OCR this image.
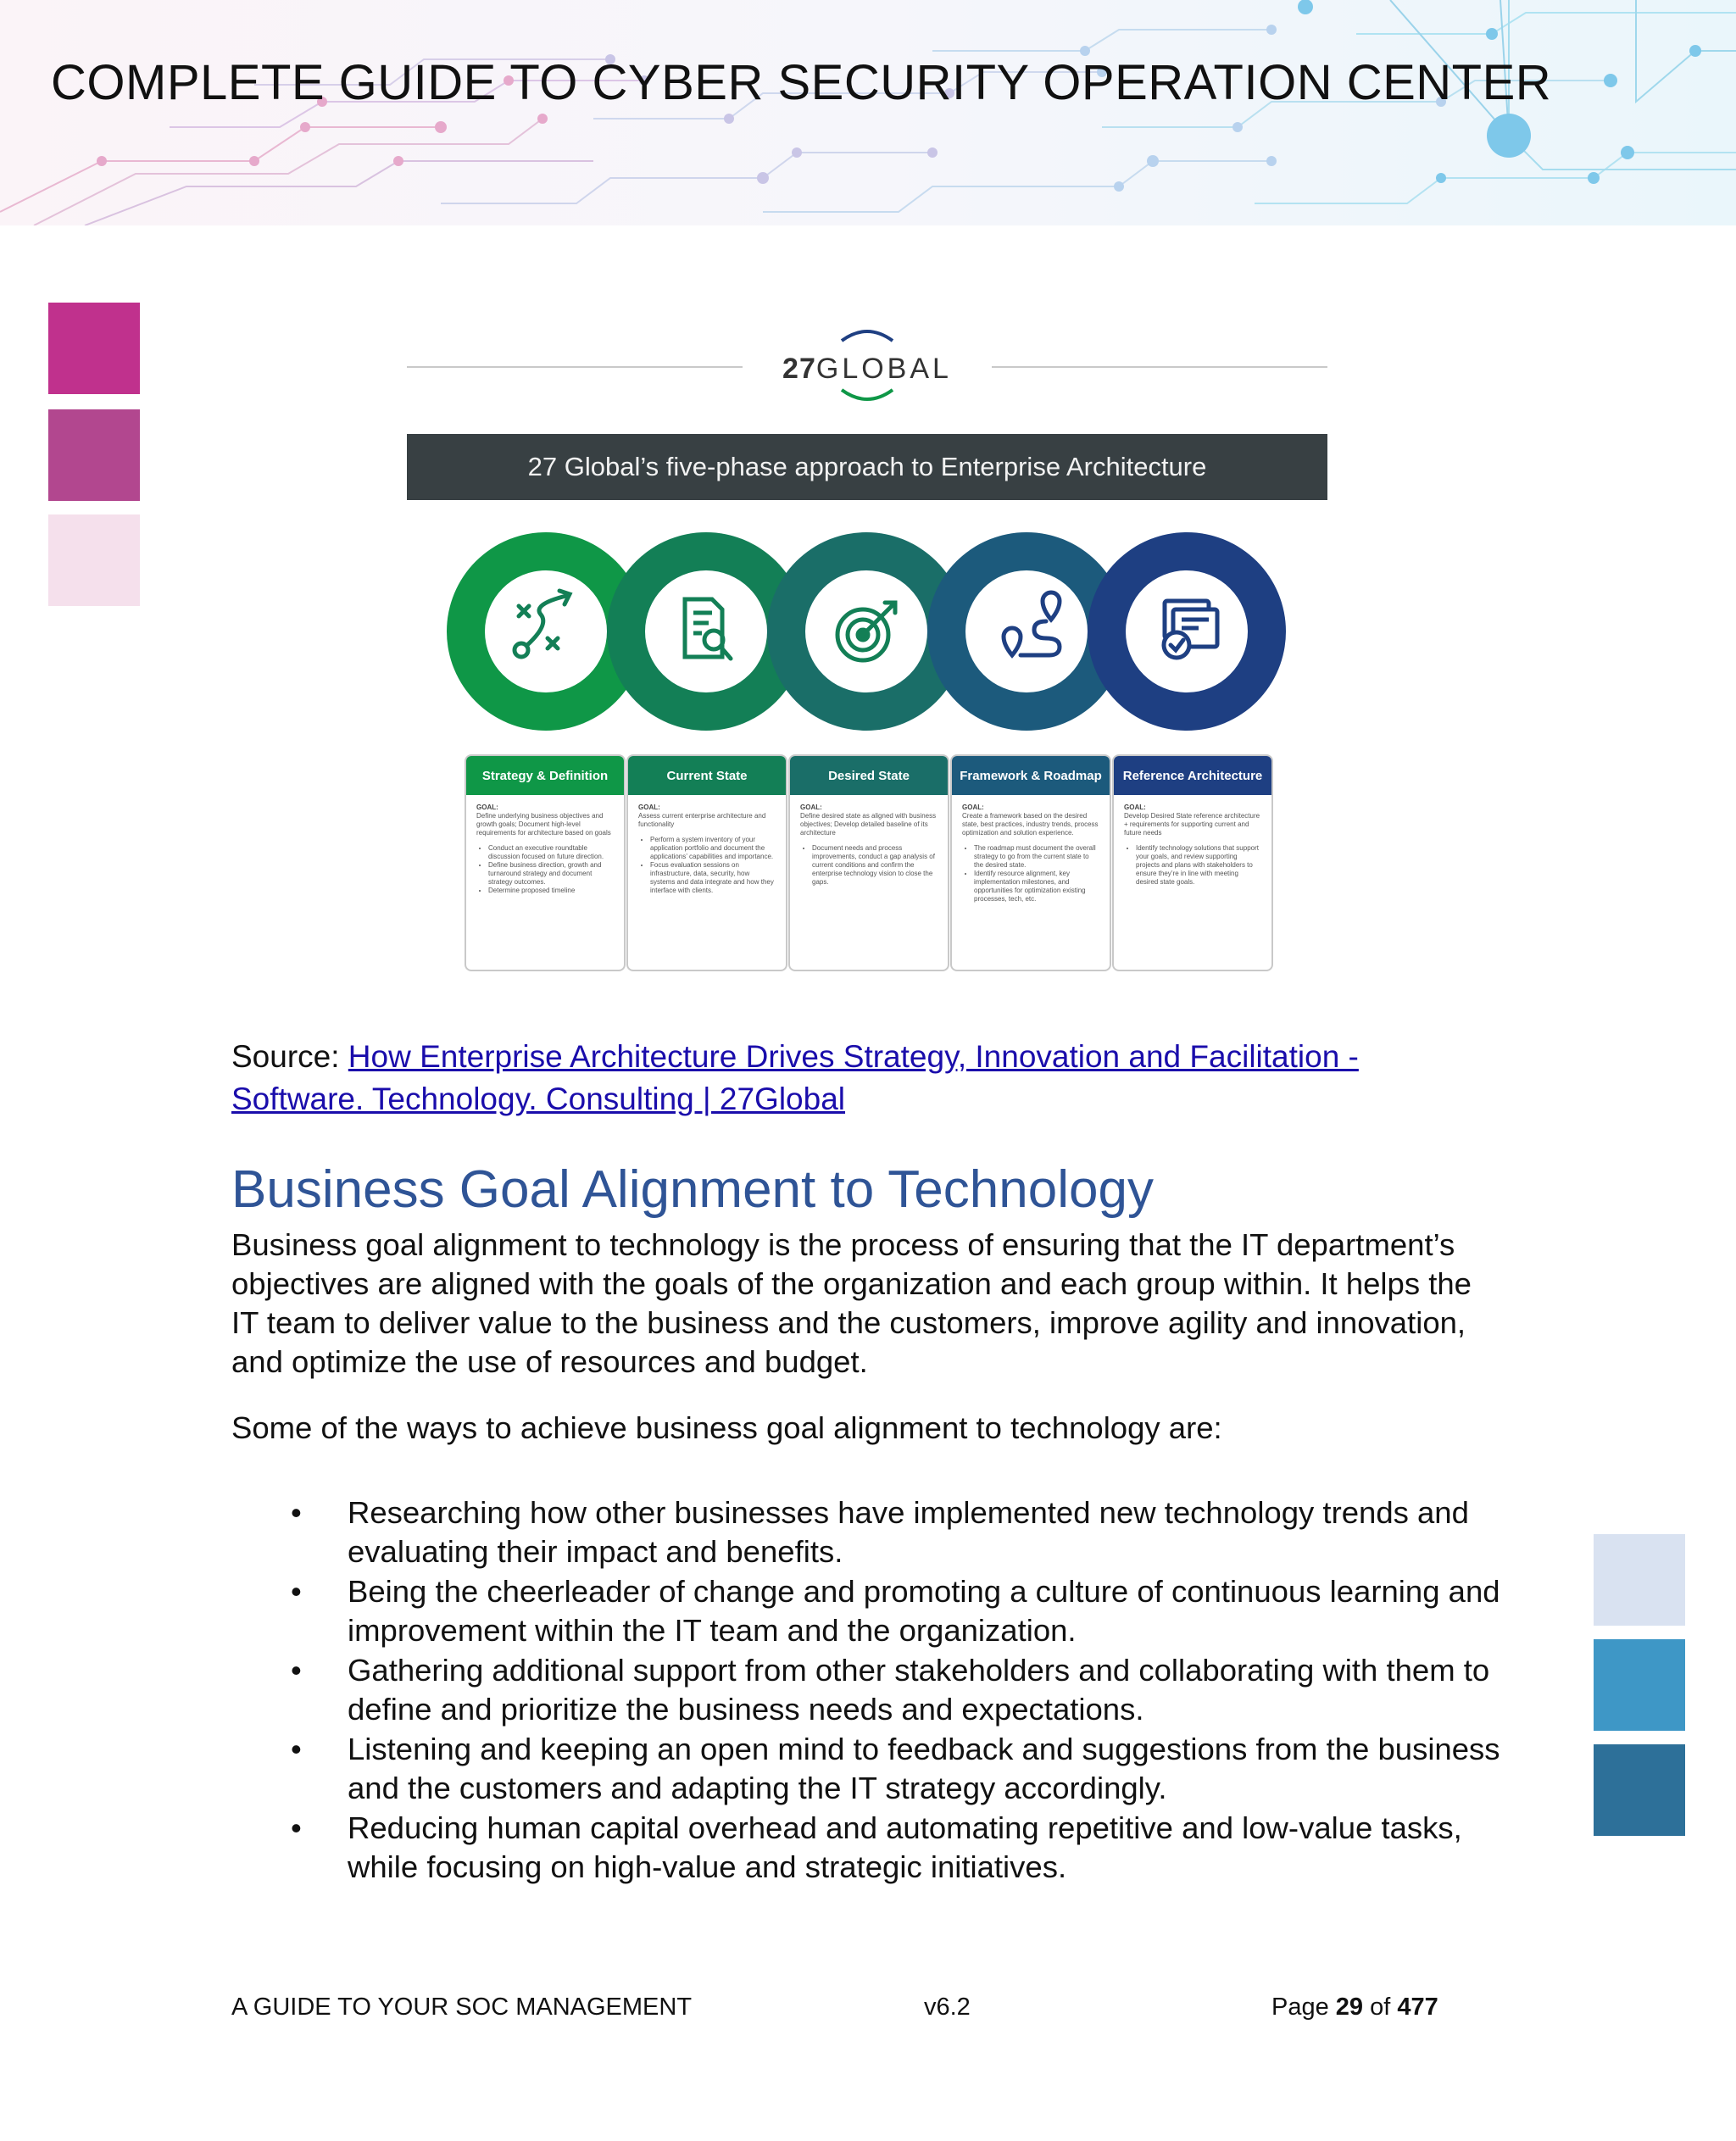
COMPLETE GUIDE TO CYBER SECURITY OPERATION CENTER
27GLOBAL
27 Global’s five-phase approach to Enterprise Architecture
Strategy & Definition
GOAL:
Define underlying business objectives and growth goals; Document high-level requirements for architecture based on goals
• Conduct an executive roundtable discussion focused on future direction.
• Define business direction, growth and turnaround strategy and document strategy outcomes.
• Determine proposed timeline
Current State
GOAL:
Assess current enterprise architecture and functionality
• Perform a system inventory of your application portfolio and document the applications’ capabilities and importance.
• Focus evaluation sessions on infrastructure, data, security, how systems and data integrate and how they interface with clients.
Desired State
GOAL:
Define desired state as aligned with business objectives; Develop detailed baseline of its architecture
• Document needs and process improvements, conduct a gap analysis of current conditions and confirm the enterprise technology vision to close the gaps.
Framework & Roadmap
GOAL:
Create a framework based on the desired state, best practices, industry trends, process optimization and solution experience.
• The roadmap must document the overall strategy to go from the current state to the desired state.
• Identify resource alignment, key implementation milestones, and opportunities for optimization existing processes, tech, etc.
Reference Architecture
GOAL:
Develop Desired State reference architecture + requirements for supporting current and future needs
• Identify technology solutions that support your goals, and review supporting projects and plans with stakeholders to ensure they’re in line with meeting desired state goals.
Source: How Enterprise Architecture Drives Strategy, Innovation and Facilitation - Software. Technology. Consulting | 27Global
Business Goal Alignment to Technology

Business goal alignment to technology is the process of ensuring that the IT department’s objectives are aligned with the goals of the organization and each group within. It helps the IT team to deliver value to the business and the customers, improve agility and innovation, and optimize the use of resources and budget.

Some of the ways to achieve business goal alignment to technology are:

• Researching how other businesses have implemented new technology trends and evaluating their impact and benefits.
• Being the cheerleader of change and promoting a culture of continuous learning and improvement within the IT team and the organization.
• Gathering additional support from other stakeholders and collaborating with them to define and prioritize the business needs and expectations.
• Listening and keeping an open mind to feedback and suggestions from the business and the customers and adapting the IT strategy accordingly.
• Reducing human capital overhead and automating repetitive and low-value tasks, while focusing on high-value and strategic initiatives.
A GUIDE TO YOUR SOC MANAGEMENT	v6.2	Page 29 of 477
